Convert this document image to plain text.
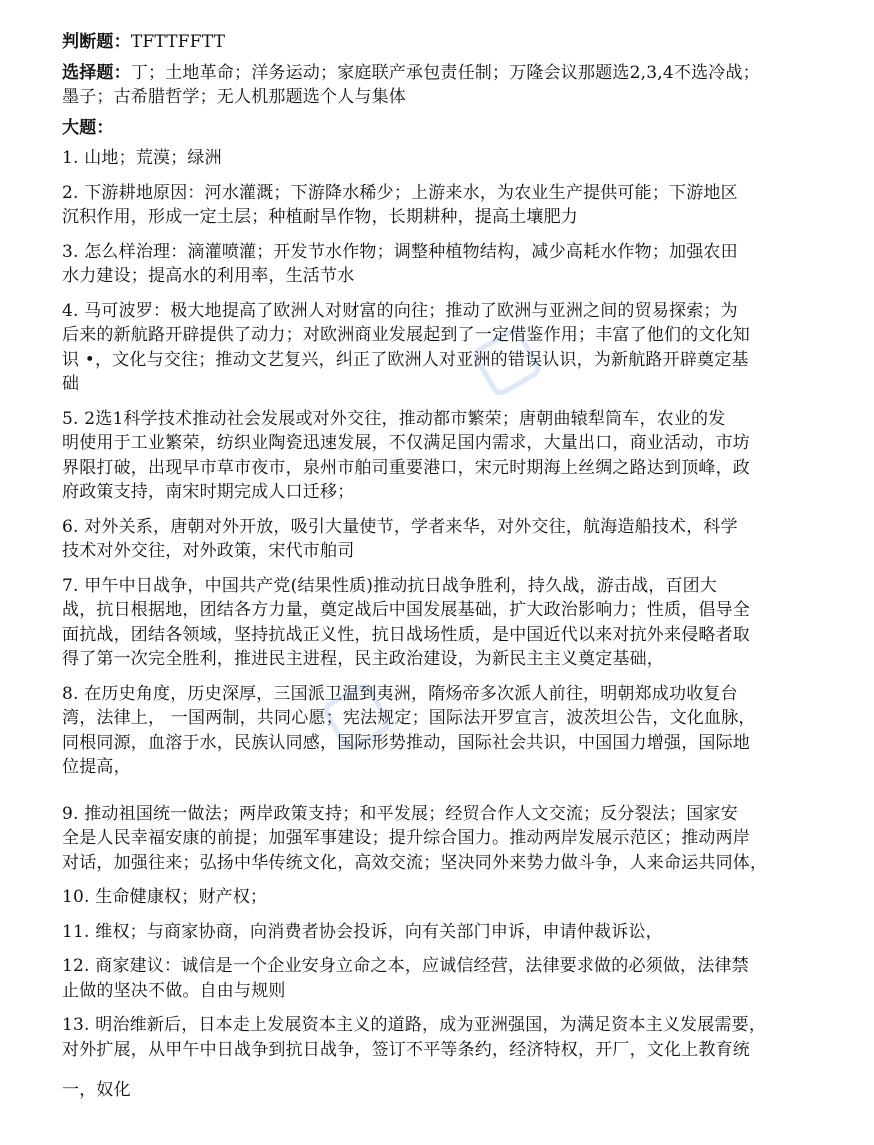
判断题：TFTTFFTT

选择题：丁；土地革命；洋务运动；家庭联产承包责任制；万隆会议那题选2,3,4不选冷战；
墨子；古希腊哲学；无人机那题选个人与集体

大题：

1. 山地；荒漠；绿洲

2. 下游耕地原因：河水灌溉；下游降水稀少；上游来水，为农业生产提供可能；下游地区
沉积作用，形成一定土层；种植耐旱作物，长期耕种，提高土壤肥力

3. 怎么样治理：滴灌喷灌；开发节水作物；调整种植物结构，减少高耗水作物；加强农田
水力建设；提高水的利用率，生活节水

4. 马可波罗：极大地提高了欧洲人对财富的向往；推动了欧洲与亚洲之间的贸易探索；为
后来的新航路开辟提供了动力；对欧洲商业发展起到了一定借鉴作用；丰富了他们的文化知
识 •，文化与交往；推动文艺复兴，纠正了欧洲人对亚洲的错误认识，为新航路开辟奠定基
础

5. 2选1科学技术推动社会发展或对外交往，推动都市繁荣；唐朝曲辕犁筒车，农业的发
明使用于工业繁荣，纺织业陶瓷迅速发展，不仅满足国内需求，大量出口，商业活动，市坊
界限打破，出现早市草市夜市，泉州市舶司重要港口，宋元时期海上丝绸之路达到顶峰，政
府政策支持，南宋时期完成人口迁移；

6. 对外关系，唐朝对外开放，吸引大量使节，学者来华，对外交往，航海造船技术，科学
技术对外交往，对外政策，宋代市舶司

7. 甲午中日战争，中国共产党(结果性质)推动抗日战争胜利，持久战，游击战，百团大
战，抗日根据地，团结各方力量，奠定战后中国发展基础，扩大政治影响力；性质，倡导全
面抗战，团结各领域，坚持抗战正义性，抗日战场性质，是中国近代以来对抗外来侵略者取
得了第一次完全胜利，推进民主进程，民主政治建设，为新民主主义奠定基础，

8. 在历史角度，历史深厚，三国派卫温到夷洲，隋炀帝多次派人前往，明朝郑成功收复台
湾，法律上， 一国两制，共同心愿；宪法规定；国际法开罗宣言，波茨坦公告，文化血脉，
同根同源，血溶于水，民族认同感，国际形势推动，国际社会共识，中国国力增强，国际地
位提高，

9. 推动祖国统一做法；两岸政策支持；和平发展；经贸合作人文交流；反分裂法；国家安
全是人民幸福安康的前提；加强军事建设；提升综合国力。推动两岸发展示范区；推动两岸
对话，加强往来；弘扬中华传统文化，高效交流；坚决同外来势力做斗争，人来命运共同体，

10. 生命健康权；财产权；

11. 维权；与商家协商，向消费者协会投诉，向有关部门申诉，申请仲裁诉讼，

12. 商家建议：诚信是一个企业安身立命之本，应诚信经营，法律要求做的必须做，法律禁
止做的坚决不做。自由与规则

13. 明治维新后，日本走上发展资本主义的道路，成为亚洲强国，为满足资本主义发展需要，
对外扩展，从甲午中日战争到抗日战争，签订不平等条约，经济特权，开厂，文化上教育统

一，奴化
